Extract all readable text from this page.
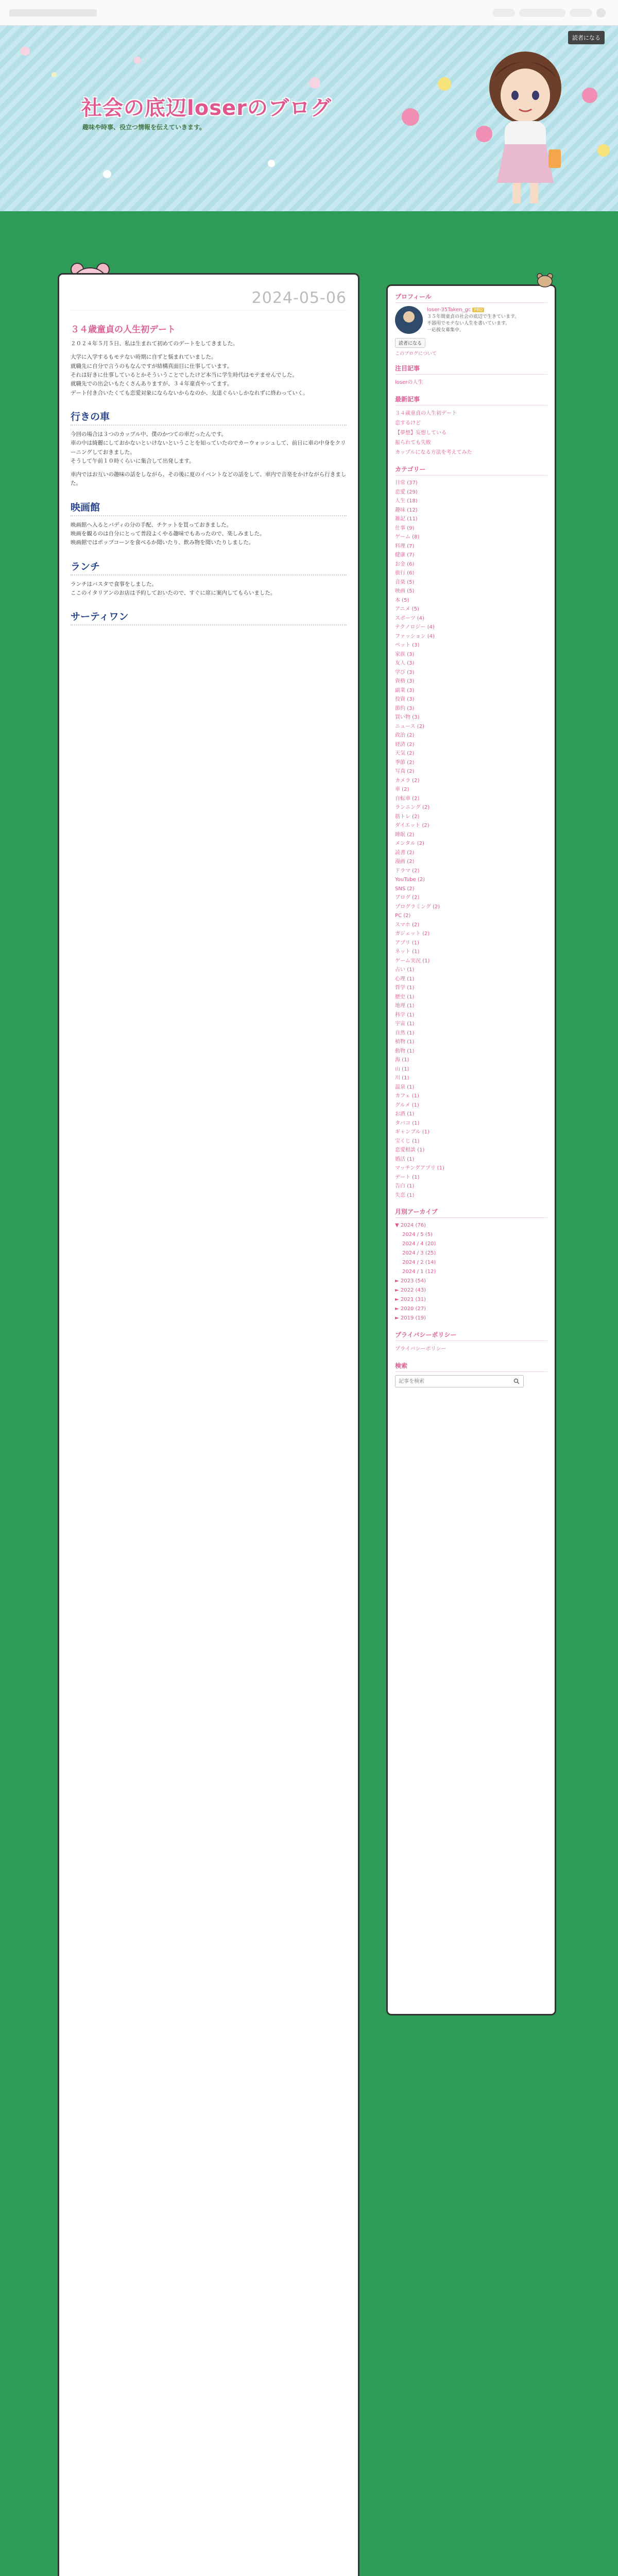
社会の底辺loserのブログ
趣味や時事、役立つ情報を伝えていきます。
読者になる
2024-05-06
３４歳童貞の人生初デート

２０２４年５月５日、私は生まれて初めてのデートをしてきました。

大学に入学するもモテない時期に自ずと悩まれていました。
就職先に自分で言うのもなんですが結構真面目に仕事しています。
それは好きに仕事しているとかそういうことでしたけど本当に学生時代はモテませんでした。
就職先での出会いもたくさんありますが、３４年童貞やってます。
デート付き合いたくても恋愛対象にならないからなのか、友達ぐらいしかなれずに終わっていく。

行きの車

今回の場合は３つのカップル中、僕のかつての車だったんです。
車の中は綺麗にしておかないといけないということを知っていたのでカーウォッシュして、前日に車の中身をクリーニングしておきました。
そうして午前１０時くらいに集合して出発します。

車内ではお互いの趣味の話をしながら、その後に夏のイベントなどの話をして、車内で音楽をかけながら行きました。

映画館

映画館へ入るとバディの分の手配、チケットを買っておきました。
映画を観るのは自分にとって普段よくやる趣味でもあったので、楽しみました。
映画館ではポップコーンを食べるか聞いたり、飲み物を聞いたりしました。

ランチ

ランチはバスタで食事をしました。
ここのイタリアンのお店は予約しておいたので、すぐに席に案内してもらいました。

サーティワン
プロフィール
loser-35Taken_gc PRO
３５年間童貞の社会の底辺で生きています。
不器用でモテない人生を書いています。
一応彼女募集中。
読者になる
このブログについて
注目記事
loserの人生
最新記事
３４歳童貞の人生初デート
恋するけど
【夢想】妄想している
振られても失敗
カップルになる方法を考えてみた
カテゴリー
日常 (37)
恋愛 (29)
人生 (18)
趣味 (12)
雑記 (11)
仕事 (9)
ゲーム (8)
料理 (7)
健康 (7)
お金 (6)
旅行 (6)
音楽 (5)
映画 (5)
本 (5)
アニメ (5)
スポーツ (4)
テクノロジー (4)
ファッション (4)
ペット (3)
家族 (3)
友人 (3)
学び (3)
資格 (3)
副業 (3)
投資 (3)
節約 (3)
買い物 (3)
ニュース (2)
政治 (2)
経済 (2)
天気 (2)
季節 (2)
写真 (2)
カメラ (2)
車 (2)
自転車 (2)
ランニング (2)
筋トレ (2)
ダイエット (2)
睡眠 (2)
メンタル (2)
読書 (2)
漫画 (2)
ドラマ (2)
YouTube (2)
SNS (2)
ブログ (2)
プログラミング (2)
PC (2)
スマホ (2)
ガジェット (2)
アプリ (1)
ネット (1)
ゲーム実況 (1)
占い (1)
心理 (1)
哲学 (1)
歴史 (1)
地理 (1)
科学 (1)
宇宙 (1)
自然 (1)
植物 (1)
動物 (1)
海 (1)
山 (1)
川 (1)
温泉 (1)
カフェ (1)
グルメ (1)
お酒 (1)
タバコ (1)
ギャンブル (1)
宝くじ (1)
恋愛相談 (1)
婚活 (1)
マッチングアプリ (1)
デート (1)
告白 (1)
失恋 (1)
月別アーカイブ
▼ 2024 (76)
2024 / 5 (5)
2024 / 4 (20)
2024 / 3 (25)
2024 / 2 (14)
2024 / 1 (12)
► 2023 (54)
► 2022 (43)
► 2021 (31)
► 2020 (27)
► 2019 (19)
プライバシーポリシー
プライバシーポリシー
検索
記事を検索
